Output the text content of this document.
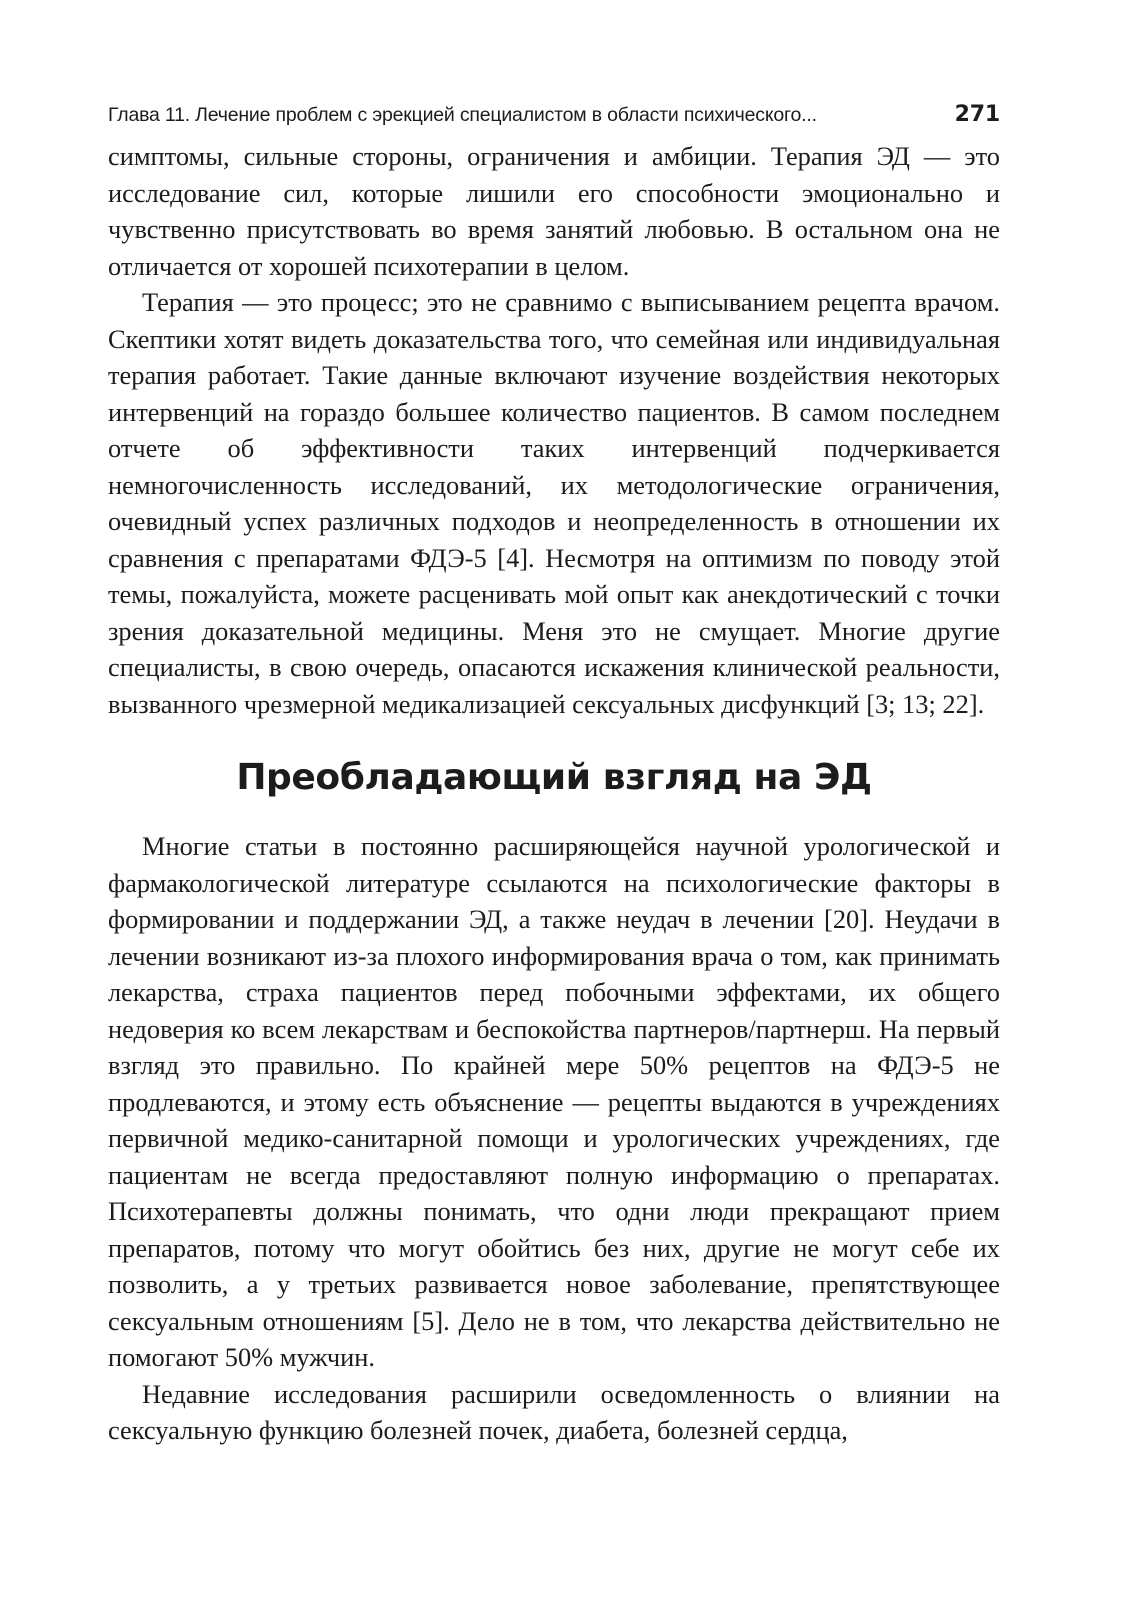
Глава 11. Лечение проблем с эрекцией специалистом в области психического...	271

симптомы, сильные стороны, ограничения и амбиции. Терапия ЭД — это исследование сил, которые лишили его способности эмоционально и чувственно присутствовать во время занятий любовью. В остальном она не отличается от хорошей психотерапии в целом.

Терапия — это процесс; это не сравнимо с выписыванием рецепта врачом. Скептики хотят видеть доказательства того, что семейная или индивидуальная терапия работает. Такие данные включают изучение воздействия некоторых интервенций на гораздо большее количество пациентов. В самом последнем отчете об эффективности таких интервенций подчеркивается немногочисленность исследований, их методологические ограничения, очевидный успех различных подходов и неопределенность в отношении их сравнения с препаратами ФДЭ-5 [4]. Несмотря на оптимизм по поводу этой темы, пожалуйста, можете расценивать мой опыт как анекдотический с точки зрения доказательной медицины. Меня это не смущает. Многие другие специалисты, в свою очередь, опасаются искажения клинической реальности, вызванного чрезмерной медикализацией сексуальных дисфункций [3; 13; 22].

Преобладающий взгляд на ЭД

Многие статьи в постоянно расширяющейся научной урологической и фармакологической литературе ссылаются на психологические факторы в формировании и поддержании ЭД, а также неудач в лечении [20]. Неудачи в лечении возникают из-за плохого информирования врача о том, как принимать лекарства, страха пациентов перед побочными эффектами, их общего недоверия ко всем лекарствам и беспокойства партнеров/партнерш. На первый взгляд это правильно. По крайней мере 50% рецептов на ФДЭ-5 не продлеваются, и этому есть объяснение — рецепты выдаются в учреждениях первичной медико-санитарной помощи и урологических учреждениях, где пациентам не всегда предоставляют полную информацию о препаратах. Психотерапевты должны понимать, что одни люди прекращают прием препаратов, потому что могут обойтись без них, другие не могут себе их позволить, а у третьих развивается новое заболевание, препятствующее сексуальным отношениям [5]. Дело не в том, что лекарства действительно не помогают 50% мужчин.

Недавние исследования расширили осведомленность о влиянии на сексуальную функцию болезней почек, диабета, болезней сердца,
